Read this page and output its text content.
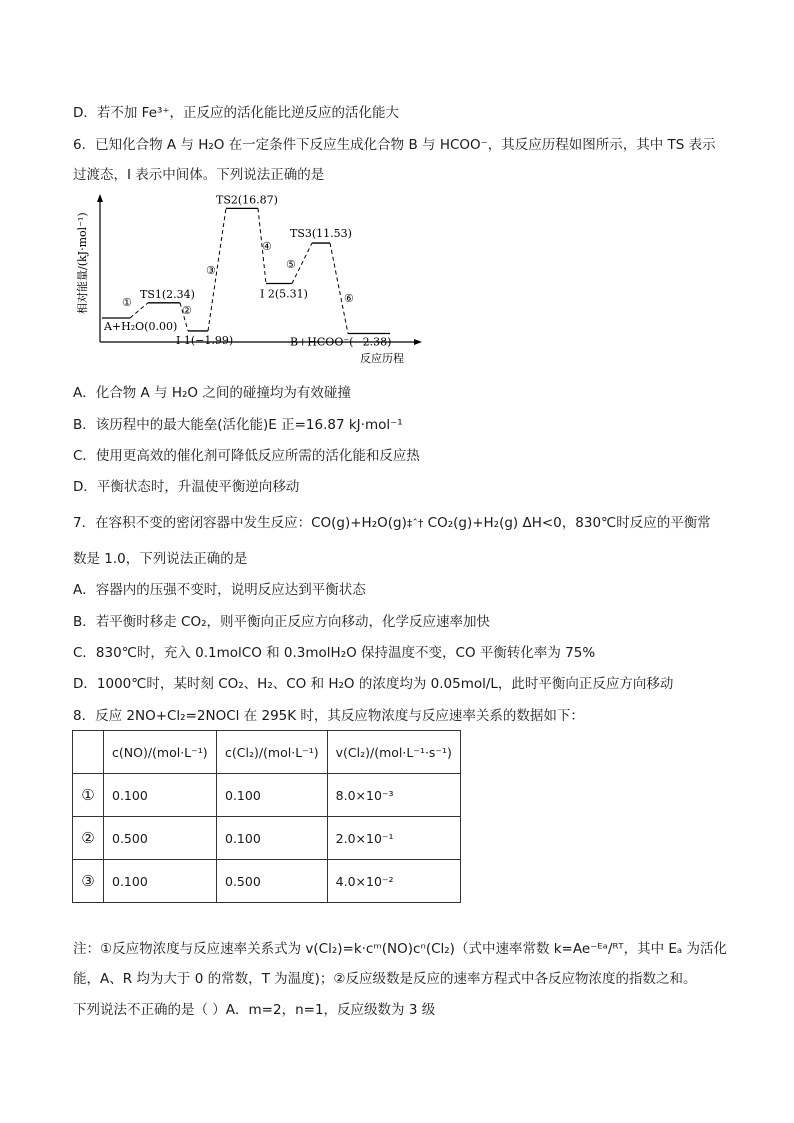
D．若不加 Fe³⁺，正反应的活化能比逆反应的活化能大
6．已知化合物 A 与 H₂O 在一定条件下反应生成化合物 B 与 HCOO⁻，其反应历程如图所示，其中 TS 表示
过渡态，I 表示中间体。下列说法正确的是
相对能量/(kJ·mol⁻¹)
反应历程
A+H₂O(0.00)
TS1(2.34)
I 1(−1.99)
TS2(16.87)
I 2(5.31)
TS3(11.53)
B+HCOO⁻(−2.38)
①
②
③
④
⑤
⑥
A．化合物 A 与 H₂O 之间的碰撞均为有效碰撞
B．该历程中的最大能垒(活化能)E 正=16.87 kJ·mol⁻¹
C．使用更高效的催化剂可降低反应所需的活化能和反应热
D．平衡状态时，升温使平衡逆向移动
7．在容积不变的密闭容器中发生反应：CO(g)+H₂O(g)‡ˆ† CO₂(g)+H₂(g) ΔH<0，830℃时反应的平衡常
数是 1.0，下列说法正确的是
A．容器内的压强不变时，说明反应达到平衡状态
B．若平衡时移走 CO₂，则平衡向正反应方向移动，化学反应速率加快
C．830℃时，充入 0.1molCO 和 0.3molH₂O 保持温度不变，CO 平衡转化率为 75%
D．1000℃时，某时刻 CO₂、H₂、CO 和 H₂O 的浓度均为 0.05mol/L，此时平衡向正反应方向移动
8．反应 2NO+Cl₂=2NOCl 在 295K 时，其反应物浓度与反应速率关系的数据如下：
	c(NO)/(mol·L⁻¹)	c(Cl₂)/(mol·L⁻¹)	v(Cl₂)/(mol·L⁻¹·s⁻¹)
①	0.100	0.100	8.0×10⁻³
②	0.500	0.100	2.0×10⁻¹
③	0.100	0.500	4.0×10⁻²
注：①反应物浓度与反应速率关系式为 v(Cl₂)=k·cᵐ(NO)cⁿ(Cl₂)（式中速率常数 k=Ae⁻ᴱᵃ/ᴿᵀ，其中 Eₐ 为活化
能，A、R 均为大于 0 的常数，T 为温度)；②反应级数是反应的速率方程式中各反应物浓度的指数之和。
下列说法不正确的是（ ）A．m=2，n=1，反应级数为 3 级
